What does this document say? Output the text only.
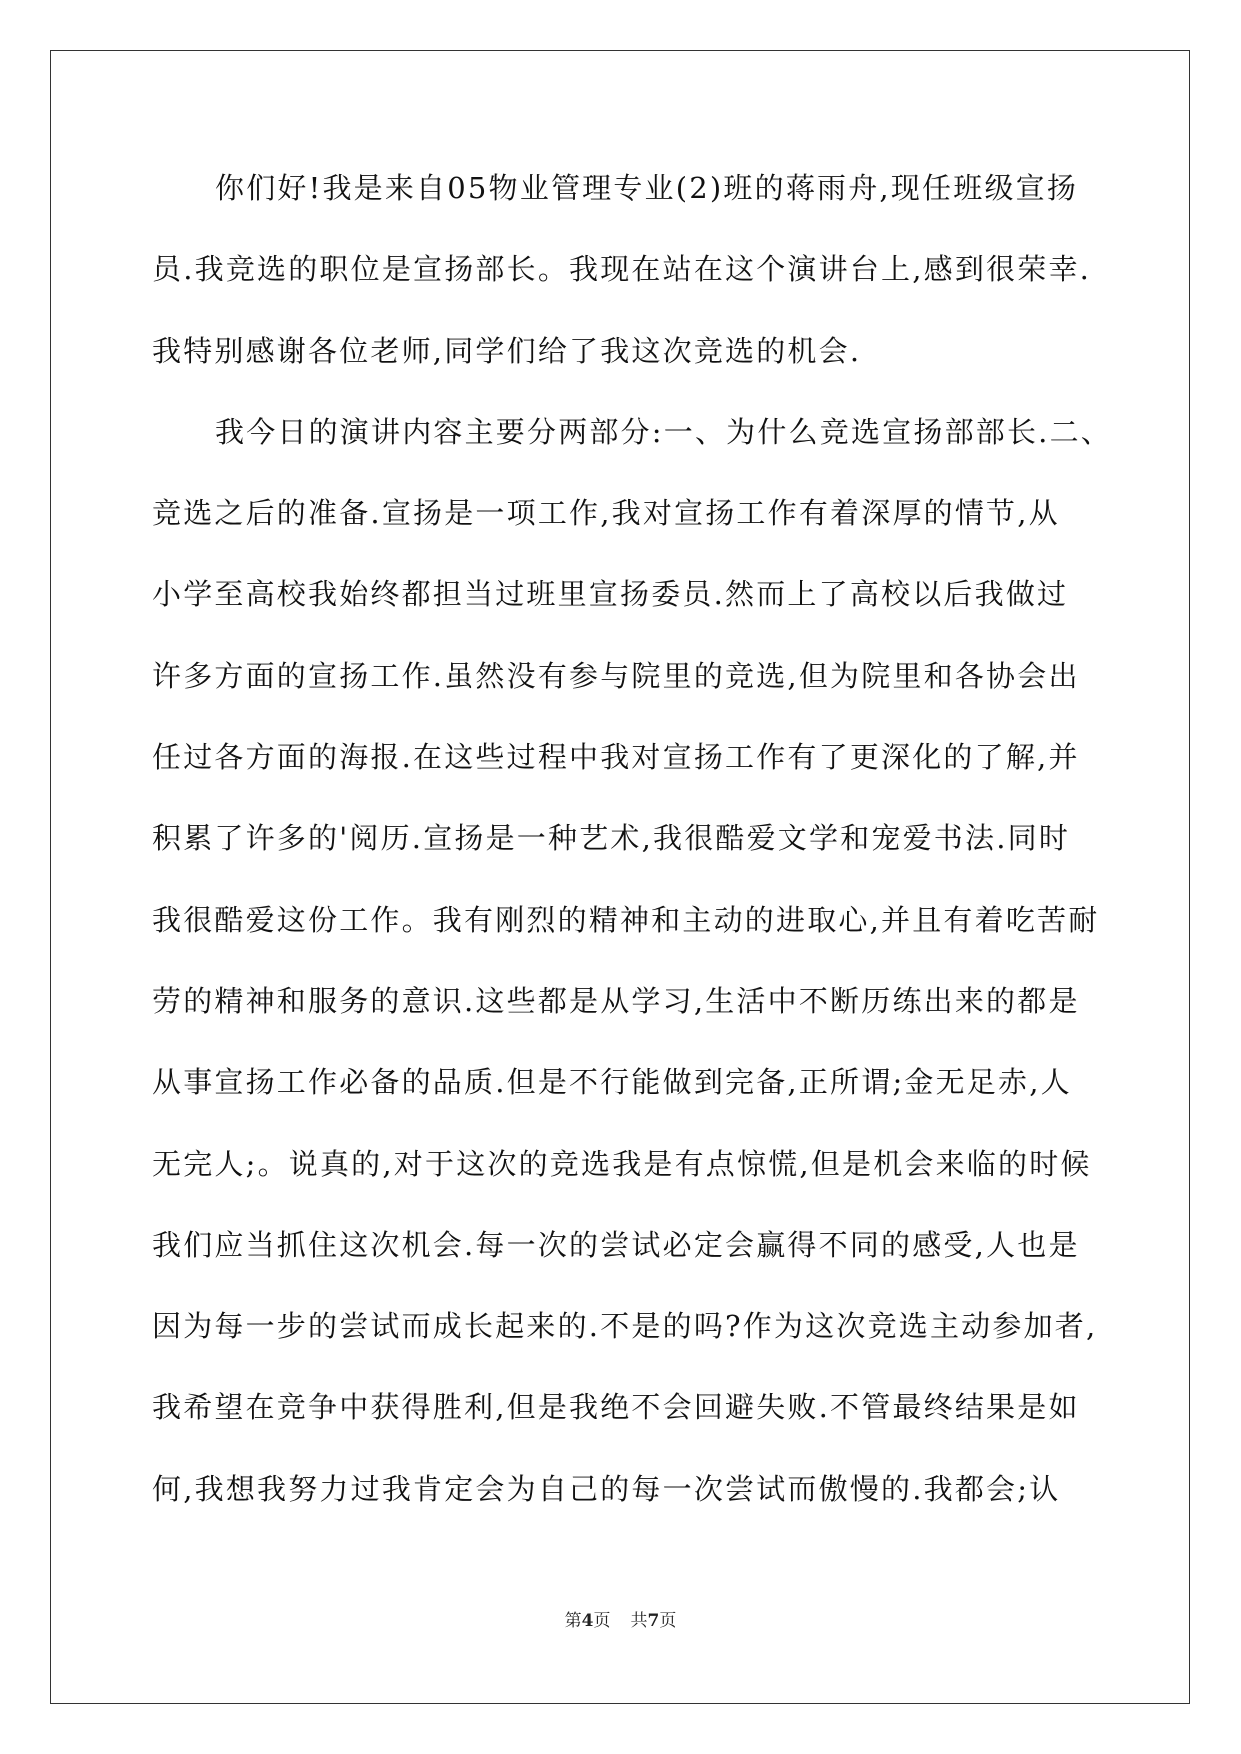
你们好!我是来自05物业管理专业(2)班的蒋雨舟,现任班级宣扬
员.我竞选的职位是宣扬部长。我现在站在这个演讲台上,感到很荣幸.
我特别感谢各位老师,同学们给了我这次竞选的机会.
我今日的演讲内容主要分两部分:一、为什么竞选宣扬部部长.二、
竞选之后的准备.宣扬是一项工作,我对宣扬工作有着深厚的情节,从
小学至高校我始终都担当过班里宣扬委员.然而上了高校以后我做过
许多方面的宣扬工作.虽然没有参与院里的竞选,但为院里和各协会出
任过各方面的海报.在这些过程中我对宣扬工作有了更深化的了解,并
积累了许多的'阅历.宣扬是一种艺术,我很酷爱文学和宠爱书法.同时
我很酷爱这份工作。我有刚烈的精神和主动的进取心,并且有着吃苦耐
劳的精神和服务的意识.这些都是从学习,生活中不断历练出来的都是
从事宣扬工作必备的品质.但是不行能做到完备,正所谓;金无足赤,人
无完人;。说真的,对于这次的竞选我是有点惊慌,但是机会来临的时候
我们应当抓住这次机会.每一次的尝试必定会赢得不同的感受,人也是
因为每一步的尝试而成长起来的.不是的吗?作为这次竞选主动参加者,
我希望在竞争中获得胜利,但是我绝不会回避失败.不管最终结果是如
何,我想我努力过我肯定会为自己的每一次尝试而傲慢的.我都会;认
第4页 共7页
